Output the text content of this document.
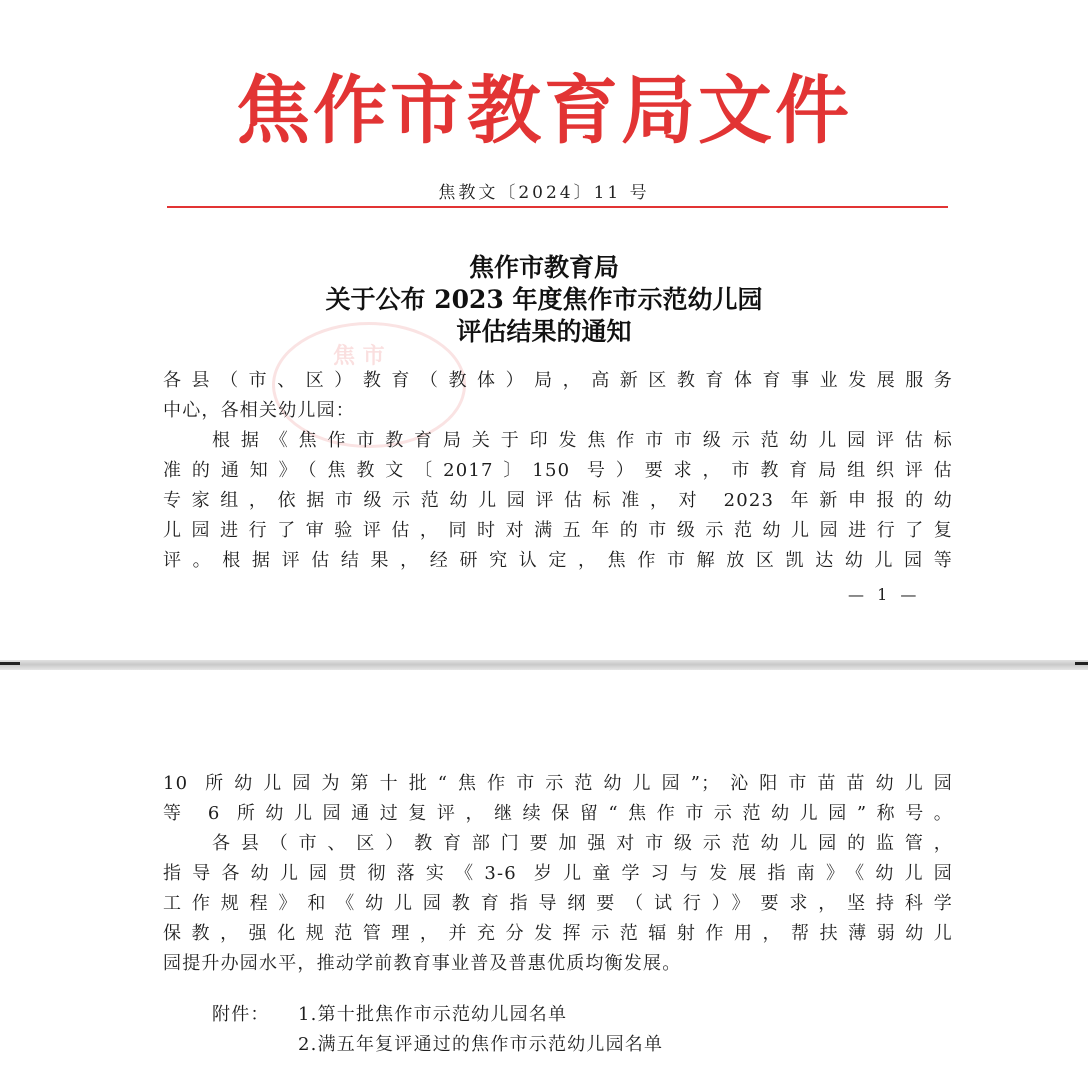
焦作市教育局文件
焦教文〔2024〕11 号
焦作市教育局
关于公布 2023 年度焦作市示范幼儿园
评估结果的通知
焦 市
各县（市、区）教育（教体）局，高新区教育体育事业发展服务
中心，各相关幼儿园：
根据《焦作市教育局关于印发焦作市市级示范幼儿园评估标
准的通知》（焦教文〔2017〕150 号）要求，市教育局组织评估
专家组，依据市级示范幼儿园评估标准，对 2023 年新申报的幼
儿园进行了审验评估，同时对满五年的市级示范幼儿园进行了复
评。根据评估结果，经研究认定，焦作市解放区凯达幼儿园等
— 1 —
10 所幼儿园为第十批“焦作市示范幼儿园”；沁阳市苗苗幼儿园
等 6 所幼儿园通过复评，继续保留“焦作市示范幼儿园”称号。
各县（市、区）教育部门要加强对市级示范幼儿园的监管，
指导各幼儿园贯彻落实《3-6 岁儿童学习与发展指南》《幼儿园
工作规程》和《幼儿园教育指导纲要（试行）》要求，坚持科学
保教，强化规范管理，并充分发挥示范辐射作用，帮扶薄弱幼儿
园提升办园水平，推动学前教育事业普及普惠优质均衡发展。
附件： 1.第十批焦作市示范幼儿园名单
2.满五年复评通过的焦作市示范幼儿园名单
